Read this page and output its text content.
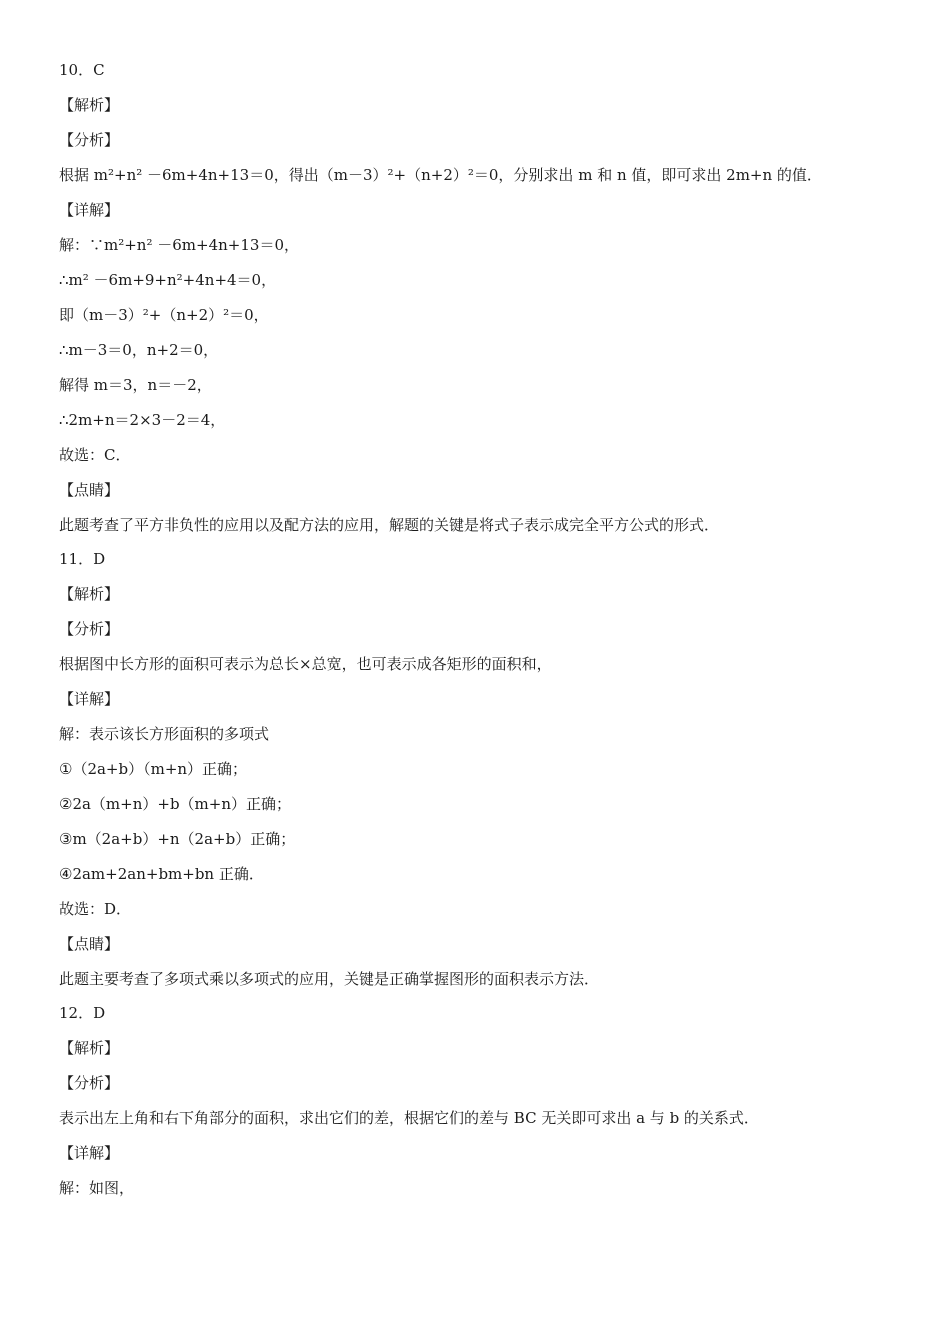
10．C
【解析】
【分析】
根据 m²+n² －6m+4n+13＝0，得出（m－3）²+（n+2）²＝0，分别求出 m 和 n 值，即可求出 2m+n 的值．
【详解】
解：∵m²+n² －6m+4n+13＝0，
∴m² －6m+9+n²+4n+4＝0，
即（m－3）²+（n+2）²＝0，
∴m－3＝0，n+2＝0，
解得 m＝3，n＝－2，
∴2m+n＝2×3－2＝4，
故选：C．
【点睛】
此题考查了平方非负性的应用以及配方法的应用，解题的关键是将式子表示成完全平方公式的形式．
11．D
【解析】
【分析】
根据图中长方形的面积可表示为总长×总宽，也可表示成各矩形的面积和，
【详解】
解：表示该长方形面积的多项式
①（2a+b）（m+n）正确；
②2a（m+n）+b（m+n）正确；
③m（2a+b）+n（2a+b）正确；
④2am+2an+bm+bn 正确．
故选：D．
【点睛】
此题主要考查了多项式乘以多项式的应用，关键是正确掌握图形的面积表示方法．
12．D
【解析】
【分析】
表示出左上角和右下角部分的面积，求出它们的差，根据它们的差与 BC 无关即可求出 a 与 b 的关系式．
【详解】
解：如图，
